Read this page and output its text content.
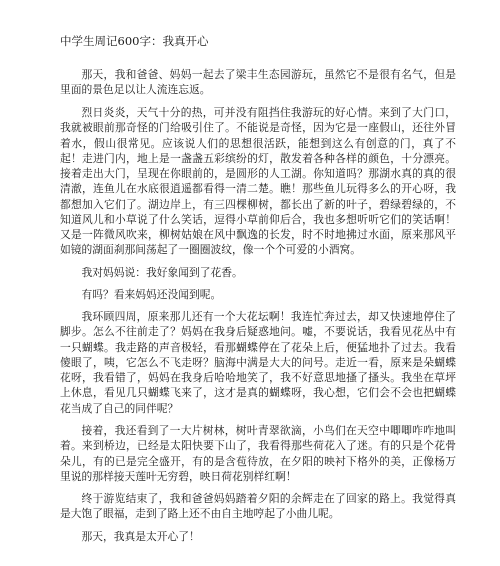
中学生周记600字：我真开心

那天，我和爸爸、妈妈一起去了梁丰生态园游玩，虽然它不是很有名气，但是里面的景色足以让人流连忘返。

烈日炎炎，天气十分的热，可并没有阻挡住我游玩的好心情。来到了大门口，我就被眼前那奇怪的门给吸引住了。不能说是奇怪，因为它是一座假山，还往外冒着水，假山很常见。应该说人们的思想很活跃，能想到这么有创意的门，真了不起！走进门内，地上是一盏盏五彩缤纷的灯，散发着各种各样的颜色，十分漂亮。接着走出大门，呈现在你眼前的，是圆形的人工湖。你知道吗？那湖水真的真的很清澈，连鱼儿在水底很逍遥都看得一清二楚。瞧！那些鱼儿玩得多么的开心呀，我都想加入它们了。湖边岸上，有三四棵柳树，都长出了新的叶子，碧绿碧绿的，不知道风儿和小草说了什么笑话，逗得小草前仰后合，我也多想听听它们的笑话啊！又是一阵微风吹来，柳树姑娘在风中飘逸的长发，时不时地拂过水面，原来那风平如镜的湖面刹那间荡起了一圈圈波纹，像一个个可爱的小酒窝。

我对妈妈说：我好象闻到了花香。

有吗？看来妈妈还没闻到呢。

我环顾四周，原来那儿还有一个大花坛啊！我连忙奔过去，却又快速地停住了脚步。怎么不往前走了？妈妈在我身后疑惑地问。嘘，不要说话，我看见花丛中有一只蝴蝶。我走路的声音极轻，看那蝴蝶停在了花朵上后，便猛地扑了过去。我看傻眼了，咦，它怎么不飞走呀？脑海中满是大大的问号。走近一看，原来是朵蝴蝶花呀，我看错了，妈妈在我身后哈哈地笑了，我不好意思地搔了搔头。我坐在草坪上休息，看见几只蝴蝶飞来了，这才是真的蝴蝶呀，我心想，它们会不会也把蝴蝶花当成了自己的同伴呢？

接着，我还看到了一大片树林，树叶青翠欲滴，小鸟们在天空中唧唧咋咋地叫着。来到桥边，已经是太阳快要下山了，我看得那些荷花入了迷。有的只是个花骨朵儿，有的已是完全盛开，有的是含苞待放，在夕阳的映衬下格外的美，正像杨万里说的那样接天莲叶无穷碧，映日荷花别样红啊！

终于游览结束了，我和爸爸妈妈踏着夕阳的余辉走在了回家的路上。我觉得真是大饱了眼福，走到了路上还不由自主地哼起了小曲儿呢。

那天，我真是太开心了！
